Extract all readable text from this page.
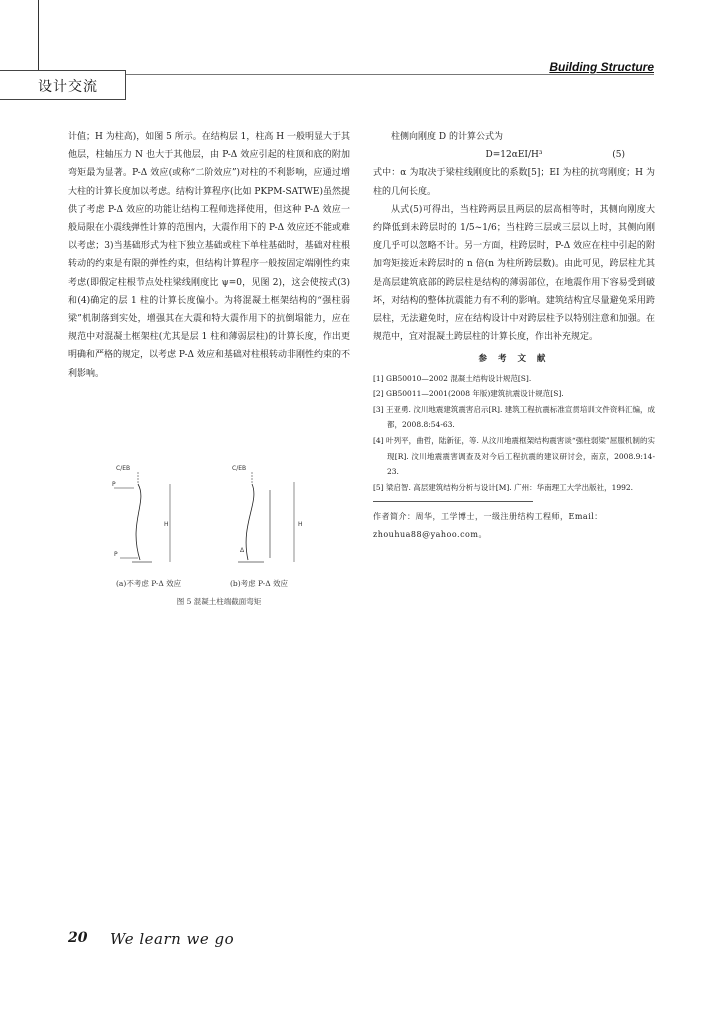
Building Structure
设计交流

计值；H 为柱高)，如图 5 所示。在结构层 1，柱高 H 一般明显大于其他层，柱轴压力 N 也大于其他层，由 P-Δ 效应引起的柱顶和底的附加弯矩最为显著。P-Δ 效应(或称“二阶效应”)对柱的不利影响，应通过增大柱的计算长度加以考虑。结构计算程序(比如 PKPM-SATWE)虽然提供了考虑 P-Δ 效应的功能让结构工程师选择使用，但这种 P-Δ 效应一般局限在小震线弹性计算的范围内，大震作用下的 P-Δ 效应还不能或难以考虑；3)当基础形式为柱下独立基础或柱下单柱基础时，基础对柱根转动的约束是有限的弹性约束，但结构计算程序一般按固定端刚性约束考虑(即假定柱根节点处柱梁线刚度比 ψ=0，见图 2)，这会使按式(3)和(4)确定的层 1 柱的计算长度偏小。为将混凝土框架结构的“强柱弱梁”机制落到实处，增强其在大震和特大震作用下的抗倒塌能力，应在规范中对混凝土框架柱(尤其是层 1 柱和薄弱层柱)的计算长度，作出更明确和严格的规定，以考虑 P-Δ 效应和基础对柱根转动非刚性约束的不利影响。

C/EB
P
P
H
C/EB
H
Δ
(a)不考虑 P-Δ 效应	(b)考虑 P-Δ 效应
图 5 混凝土柱端截面弯矩

柱侧向刚度 D 的计算公式为

D=12αEI/H³	(5)

式中：α 为取决于梁柱线刚度比的系数[5]；EI 为柱的抗弯刚度；H 为柱的几何长度。

从式(5)可得出，当柱跨两层且两层的层高相等时，其侧向刚度大约降低到未跨层时的 1/5~1/6；当柱跨三层或三层以上时，其侧向刚度几乎可以忽略不计。另一方面，柱跨层时，P-Δ 效应在柱中引起的附加弯矩接近未跨层时的 n 倍(n 为柱所跨层数)。由此可见，跨层柱尤其是高层建筑底部的跨层柱是结构的薄弱部位，在地震作用下容易受到破坏，对结构的整体抗震能力有不利的影响。建筑结构宜尽量避免采用跨层柱，无法避免时，应在结构设计中对跨层柱予以特别注意和加强。在规范中，宜对混凝土跨层柱的计算长度，作出补充规定。

参 考 文 献

[1] GB50010—2002 混凝土结构设计规范[S].

[2] GB50011—2001(2008 年版)建筑抗震设计规范[S].

[3] 王亚勇. 汶川地震建筑震害启示[R]. 建筑工程抗震标准宣贯培训文件资料汇编，成都，2008.8:54-63.

[4] 叶列平，曲哲，陆新征，等. 从汶川地震框架结构震害谈“强柱弱梁”屈服机制的实现[R]. 汶川地震震害调查及对今后工程抗震的建议研讨会，南京，2008.9:14-23.

[5] 梁启智. 高层建筑结构分析与设计[M]. 广州：华南理工大学出版社，1992.

作者简介：周华，工学博士，一级注册结构工程师，Email：

zhouhua88@yahoo.com。

20 We learn we go
